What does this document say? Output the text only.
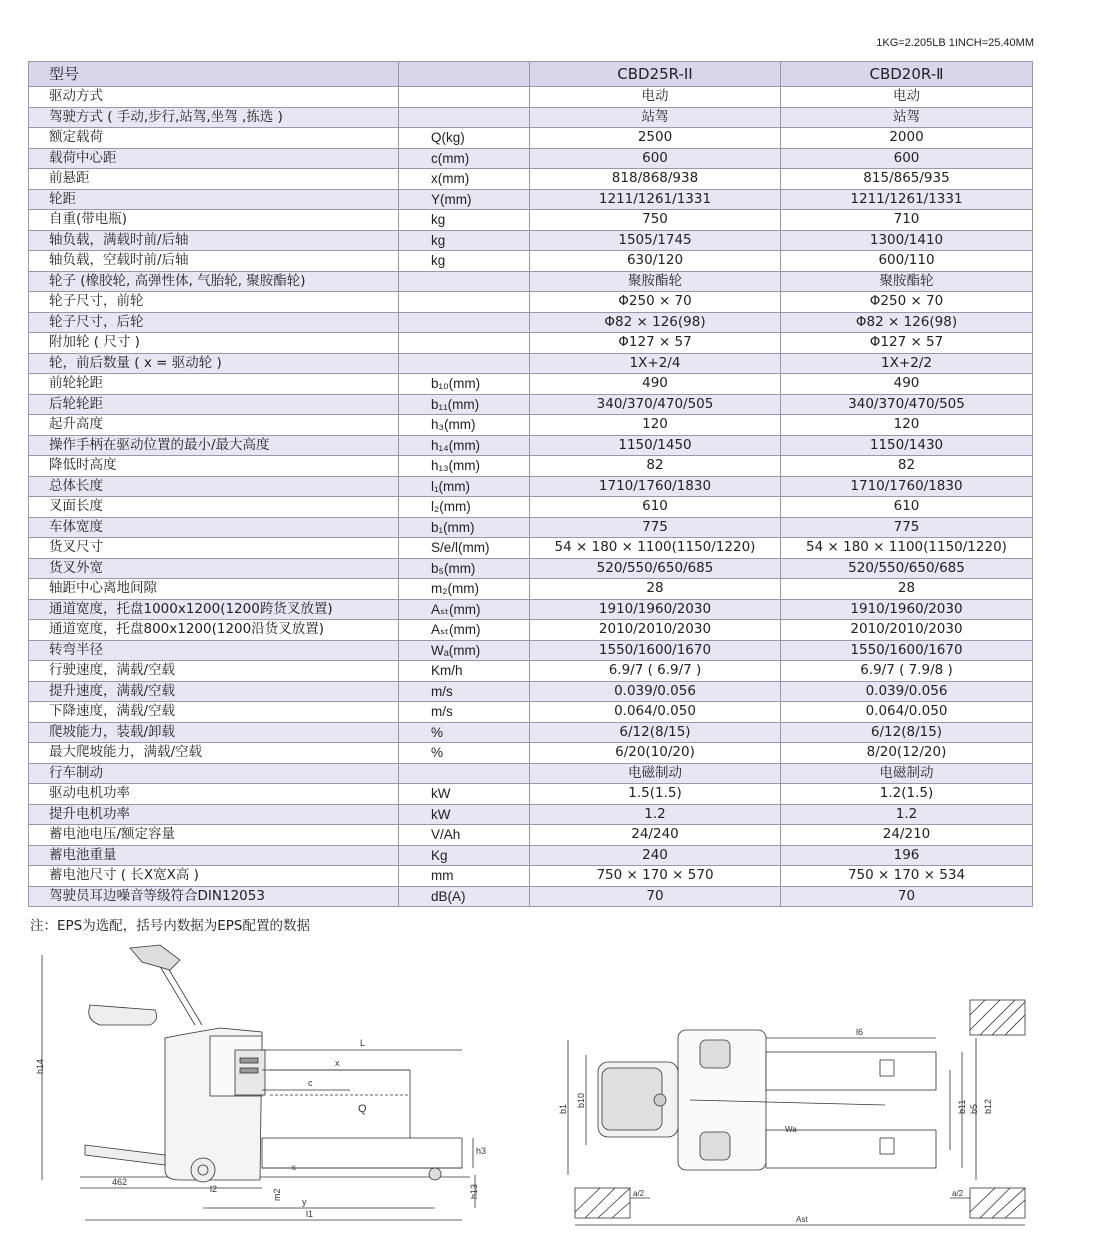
1KG=2.205LB 1INCH=25.40MM
型号		CBD25R-II	CBD20R-Ⅱ
驱动方式		电动	电动
驾驶方式 ( 手动,步行,站驾,坐驾 ,拣选 )		站驾	站驾
额定载荷	Q(kg)	2500	2000
载荷中心距	c(mm)	600	600
前悬距	x(mm)	818/868/938	815/865/935
轮距	Y(mm)	1211/1261/1331	1211/1261/1331
自重(带电瓶)	kg	750	710
轴负载，满载时前/后轴	kg	1505/1745	1300/1410
轴负载，空载时前/后轴	kg	630/120	600/110
轮子 (橡胶轮, 高弹性体, 气胎轮, 聚胺酯轮)		聚胺酯轮	聚胺酯轮
轮子尺寸，前轮		Φ250 × 70	Φ250 × 70
轮子尺寸，后轮		Φ82 × 126(98)	Φ82 × 126(98)
附加轮 ( 尺寸 )		Φ127 × 57	Φ127 × 57
轮，前后数量 ( x = 驱动轮 )		1X+2/4	1X+2/2
前轮轮距	b₁₀(mm)	490	490
后轮轮距	b₁₁(mm)	340/370/470/505	340/370/470/505
起升高度	h₃(mm)	120	120
操作手柄在驱动位置的最小/最大高度	h₁₄(mm)	1150/1450	1150/1430
降低时高度	h₁₃(mm)	82	82
总体长度	l₁(mm)	1710/1760/1830	1710/1760/1830
叉面长度	l₂(mm)	610	610
车体宽度	b₁(mm)	775	775
货叉尺寸	S/e/l(mm)	54 × 180 × 1100(1150/1220)	54 × 180 × 1100(1150/1220)
货叉外宽	b₅(mm)	520/550/650/685	520/550/650/685
轴距中心离地间隙	m₂(mm)	28	28
通道宽度，托盘1000x1200(1200跨货叉放置)	Aₛₜ(mm)	1910/1960/2030	1910/1960/2030
通道宽度，托盘800x1200(1200沿货叉放置)	Aₛₜ(mm)	2010/2010/2030	2010/2010/2030
转弯半径	Wₐ(mm)	1550/1600/1670	1550/1600/1670
行驶速度，满载/空载	Km/h	6.9/7 ( 6.9/7 )	6.9/7 ( 7.9/8 )
提升速度，满载/空载	m/s	0.039/0.056	0.039/0.056
下降速度，满载/空载	m/s	0.064/0.050	0.064/0.050
爬坡能力，装载/卸载	%	6/12(8/15)	6/12(8/15)
最大爬坡能力，满载/空载	%	6/20(10/20)	8/20(12/20)
行车制动		电磁制动	电磁制动
驱动电机功率	kW	1.5(1.5)	1.2(1.5)
提升电机功率	kW	1.2	1.2
蓄电池电压/额定容量	V/Ah	24/240	24/210
蓄电池重量	Kg	240	196
蓄电池尺寸 ( 长X宽X高 )	mm	750 × 170 × 570	750 × 170 × 534
驾驶员耳边噪音等级符合DIN12053	dB(A)	70	70
注：EPS为选配，括号内数据为EPS配置的数据
h14
L
x
c
Q
h3
s
462
l2	m2
y
l1
h13
l6
b1
b10	b11 b5 b12
Wa
a/2	a/2
Ast
